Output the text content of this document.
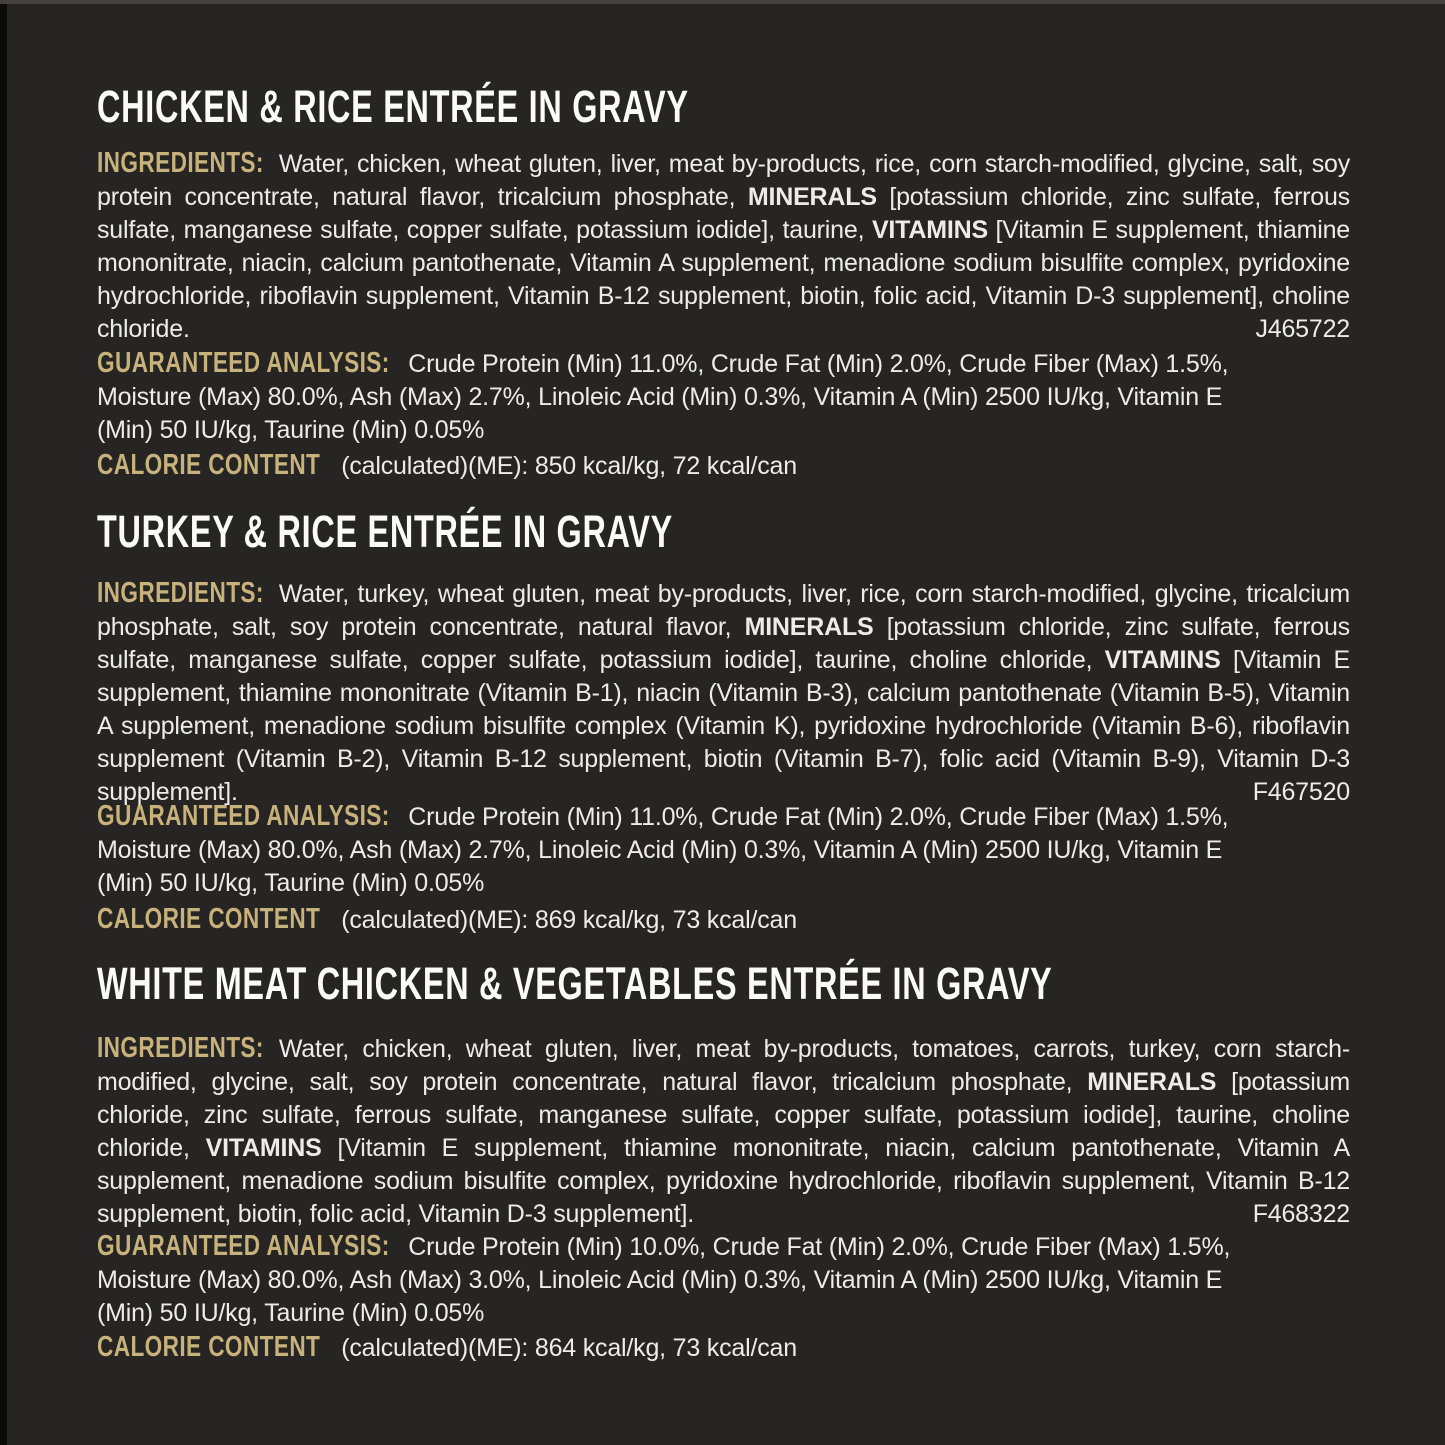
CHICKEN & RICE ENTRÉE IN GRAVY
INGREDIENTS: Water, chicken, wheat gluten, liver, meat by-products, rice, corn starch-modified, glycine, salt, soy protein concentrate, natural flavor, tricalcium phosphate, MINERALS [potassium chloride, zinc sulfate, ferrous sulfate, manganese sulfate, copper sulfate, potassium iodide], taurine, VITAMINS [Vitamin E supplement, thiamine mononitrate, niacin, calcium pantothenate, Vitamin A supplement, menadione sodium bisulfite complex, pyridoxine hydrochloride, riboflavin supplement, Vitamin B-12 supplement, biotin, folic acid, Vitamin D-3 supplement], choline chloride.	J465722
GUARANTEED ANALYSIS: Crude Protein (Min) 11.0%, Crude Fat (Min) 2.0%, Crude Fiber (Max) 1.5%, Moisture (Max) 80.0%, Ash (Max) 2.7%, Linoleic Acid (Min) 0.3%, Vitamin A (Min) 2500 IU/kg, Vitamin E (Min) 50 IU/kg, Taurine (Min) 0.05%
CALORIE CONTENT (calculated)(ME): 850 kcal/kg, 72 kcal/can
TURKEY & RICE ENTRÉE IN GRAVY
INGREDIENTS: Water, turkey, wheat gluten, meat by-products, liver, rice, corn starch-modified, glycine, tricalcium phosphate, salt, soy protein concentrate, natural flavor, MINERALS [potassium chloride, zinc sulfate, ferrous sulfate, manganese sulfate, copper sulfate, potassium iodide], taurine, choline chloride, VITAMINS [Vitamin E supplement, thiamine mononitrate (Vitamin B-1), niacin (Vitamin B-3), calcium pantothenate (Vitamin B-5), Vitamin A supplement, menadione sodium bisulfite complex (Vitamin K), pyridoxine hydrochloride (Vitamin B-6), riboflavin supplement (Vitamin B-2), Vitamin B-12 supplement, biotin (Vitamin B-7), folic acid (Vitamin B-9), Vitamin D-3 supplement].	F467520
GUARANTEED ANALYSIS: Crude Protein (Min) 11.0%, Crude Fat (Min) 2.0%, Crude Fiber (Max) 1.5%, Moisture (Max) 80.0%, Ash (Max) 2.7%, Linoleic Acid (Min) 0.3%, Vitamin A (Min) 2500 IU/kg, Vitamin E (Min) 50 IU/kg, Taurine (Min) 0.05%
CALORIE CONTENT (calculated)(ME): 869 kcal/kg, 73 kcal/can
WHITE MEAT CHICKEN & VEGETABLES ENTRÉE IN GRAVY
INGREDIENTS: Water, chicken, wheat gluten, liver, meat by-products, tomatoes, carrots, turkey, corn starch-modified, glycine, salt, soy protein concentrate, natural flavor, tricalcium phosphate, MINERALS [potassium chloride, zinc sulfate, ferrous sulfate, manganese sulfate, copper sulfate, potassium iodide], taurine, choline chloride, VITAMINS [Vitamin E supplement, thiamine mononitrate, niacin, calcium pantothenate, Vitamin A supplement, menadione sodium bisulfite complex, pyridoxine hydrochloride, riboflavin supplement, Vitamin B-12 supplement, biotin, folic acid, Vitamin D-3 supplement].	F468322
GUARANTEED ANALYSIS: Crude Protein (Min) 10.0%, Crude Fat (Min) 2.0%, Crude Fiber (Max) 1.5%, Moisture (Max) 80.0%, Ash (Max) 3.0%, Linoleic Acid (Min) 0.3%, Vitamin A (Min) 2500 IU/kg, Vitamin E (Min) 50 IU/kg, Taurine (Min) 0.05%
CALORIE CONTENT (calculated)(ME): 864 kcal/kg, 73 kcal/can
